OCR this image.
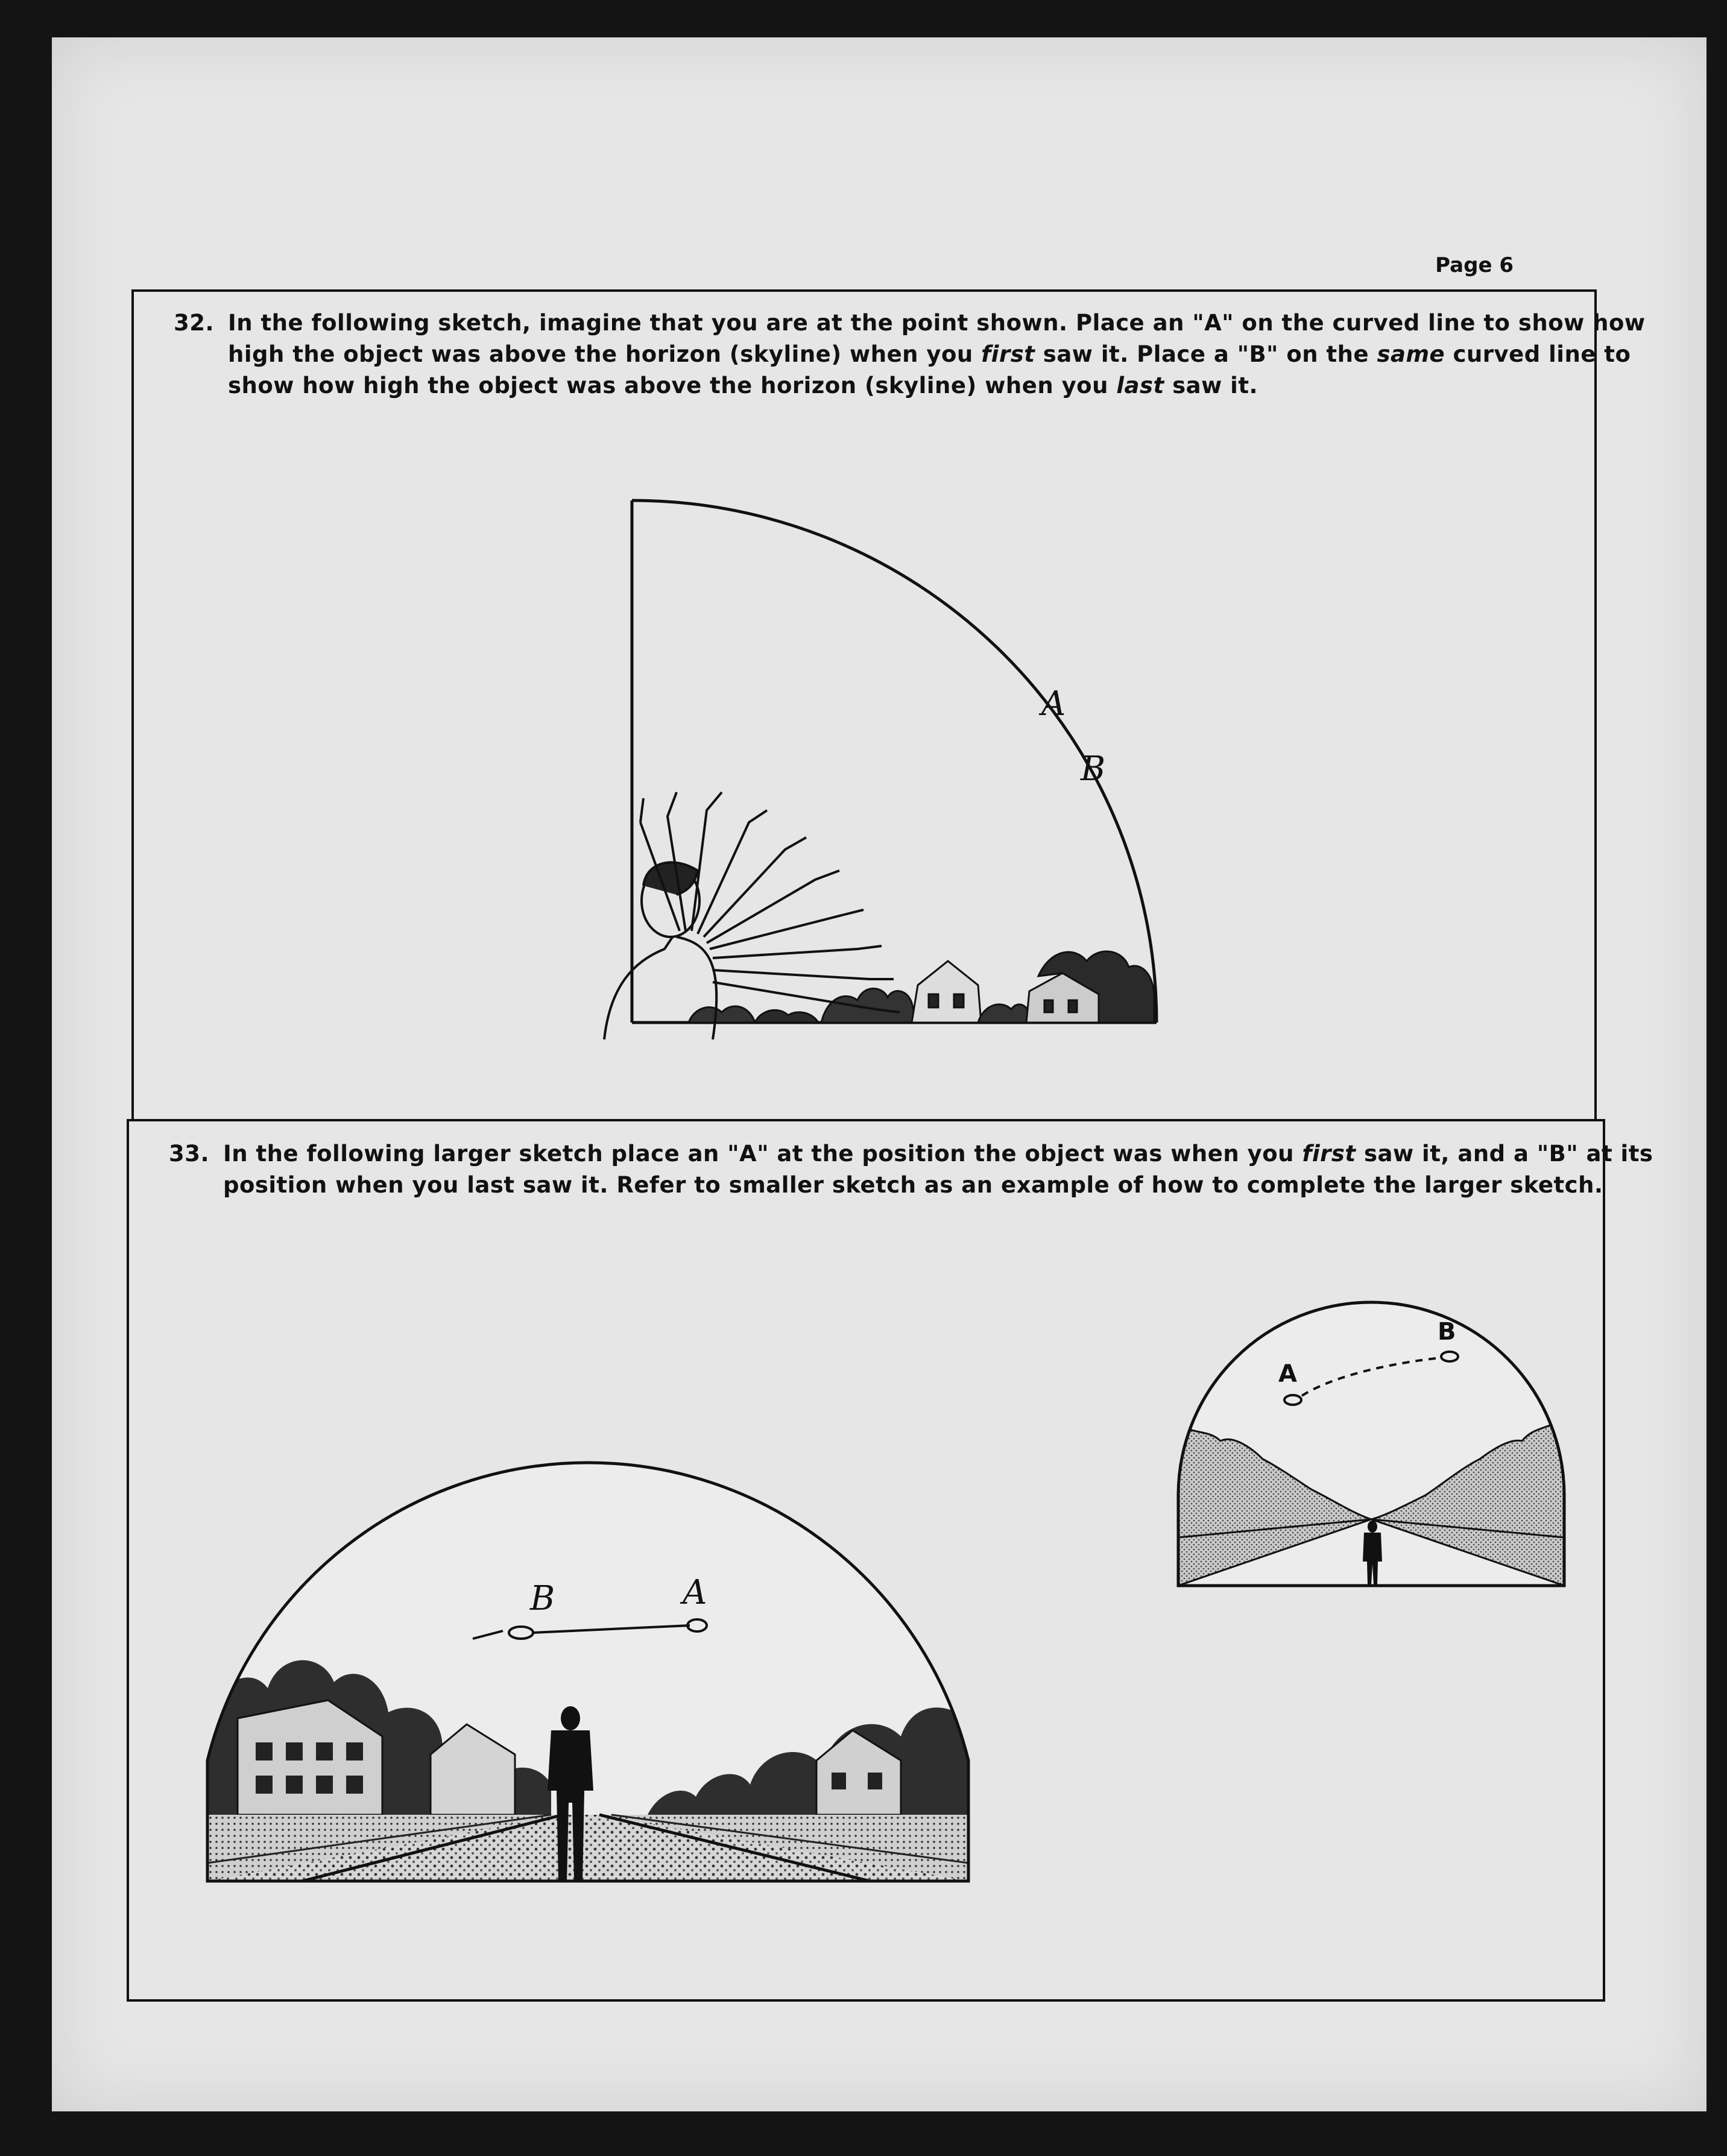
Page 6
32. In the following sketch, imagine that you are at the point shown. Place an "A" on the curved line to show how
high the object was above the horizon (skyline) when you first saw it. Place a "B" on the same curved line to
show how high the object was above the horizon (skyline) when you last saw it.
A
B
33. In the following larger sketch place an "A" at the position the object was when you first saw it, and a "B" at its
position when you last saw it. Refer to smaller sketch as an example of how to complete the larger sketch.
B	A
A
B
